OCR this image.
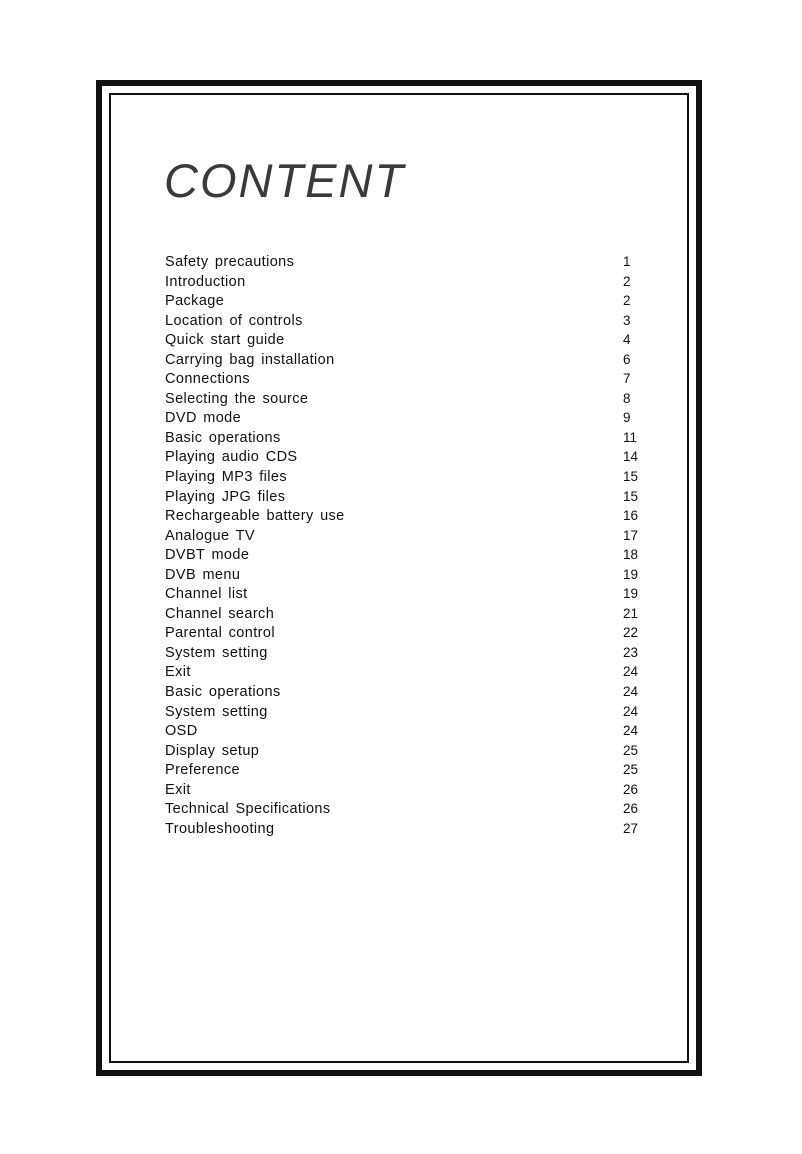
CONTENT
Safety precautions	1
Introduction	2
Package	2
Location of controls	3
Quick start guide	4
Carrying bag installation	6
Connections	7
Selecting the source	8
DVD mode	9
Basic operations	11
Playing audio CDS	14
Playing MP3 files	15
Playing JPG files	15
Rechargeable battery use	16
Analogue TV	17
DVBT mode	18
DVB menu	19
Channel list	19
Channel search	21
Parental control	22
System setting	23
Exit	24
Basic operations	24
System setting	24
OSD	24
Display setup	25
Preference	25
Exit	26
Technical Specifications	26
Troubleshooting	27
